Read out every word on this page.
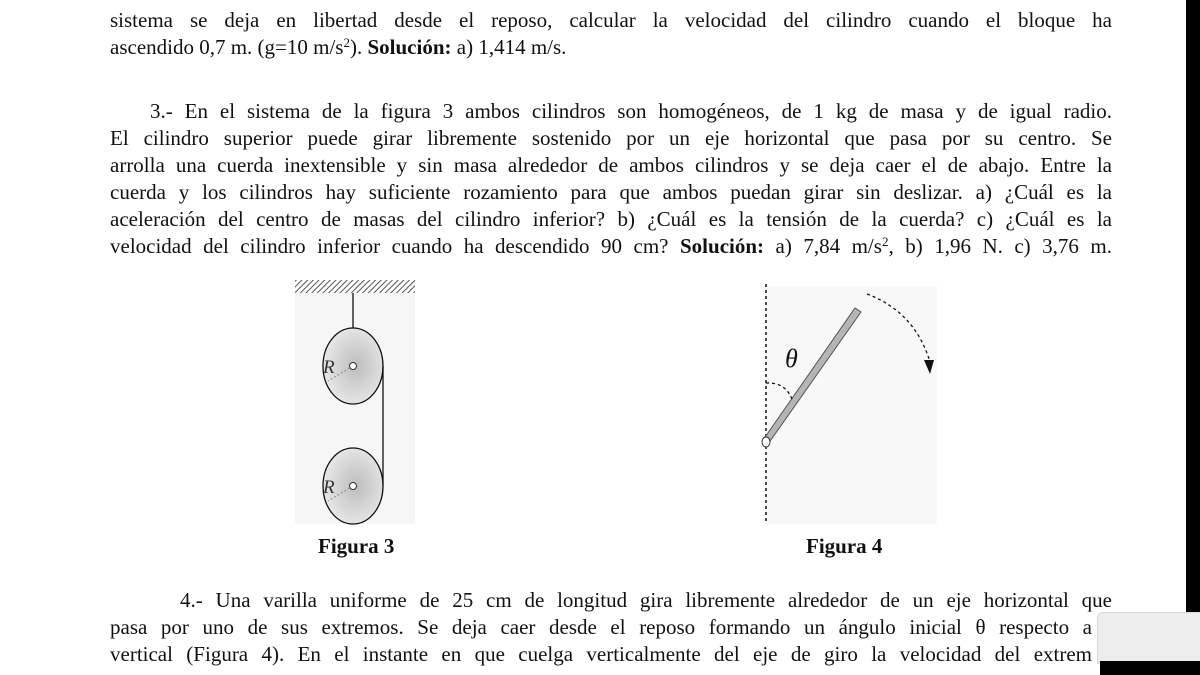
sistema se deja en libertad desde el reposo, calcular la velocidad del cilindro cuando el bloque ha
ascendido 0,7 m. (g=10 $m/s^2$). Solución: a) 1,414 m/s.
3.- En el sistema de la figura 3 ambos cilindros son homogéneos, de 1 kg de masa y de igual radio.
El cilindro superior puede girar libremente sostenido por un eje horizontal que pasa por su centro. Se
arrolla una cuerda inextensible y sin masa alrededor de ambos cilindros y se deja caer el de abajo. Entre la
cuerda y los cilindros hay suficiente rozamiento para que ambos puedan girar sin deslizar. a) ¿Cuál es la
aceleración del centro de masas del cilindro inferior? b) ¿Cuál es la tensión de la cuerda? c) ¿Cuál es la
velocidad del cilindro inferior cuando ha descendido 90 cm? Solución: a) 7,84 $m/s^2$, b) 1,96 N. c) 3,76 m.
R
R
Figura 3
θ
Figura 4
4.- Una varilla uniforme de 25 cm de longitud gira libremente alrededor de un eje horizontal que
pasa por uno de sus extremos. Se deja caer desde el reposo formando un ángulo inicial θ respecto a
vertical (Figura 4). En el instante en que cuelga verticalmente del eje de giro la velocidad del extrem
